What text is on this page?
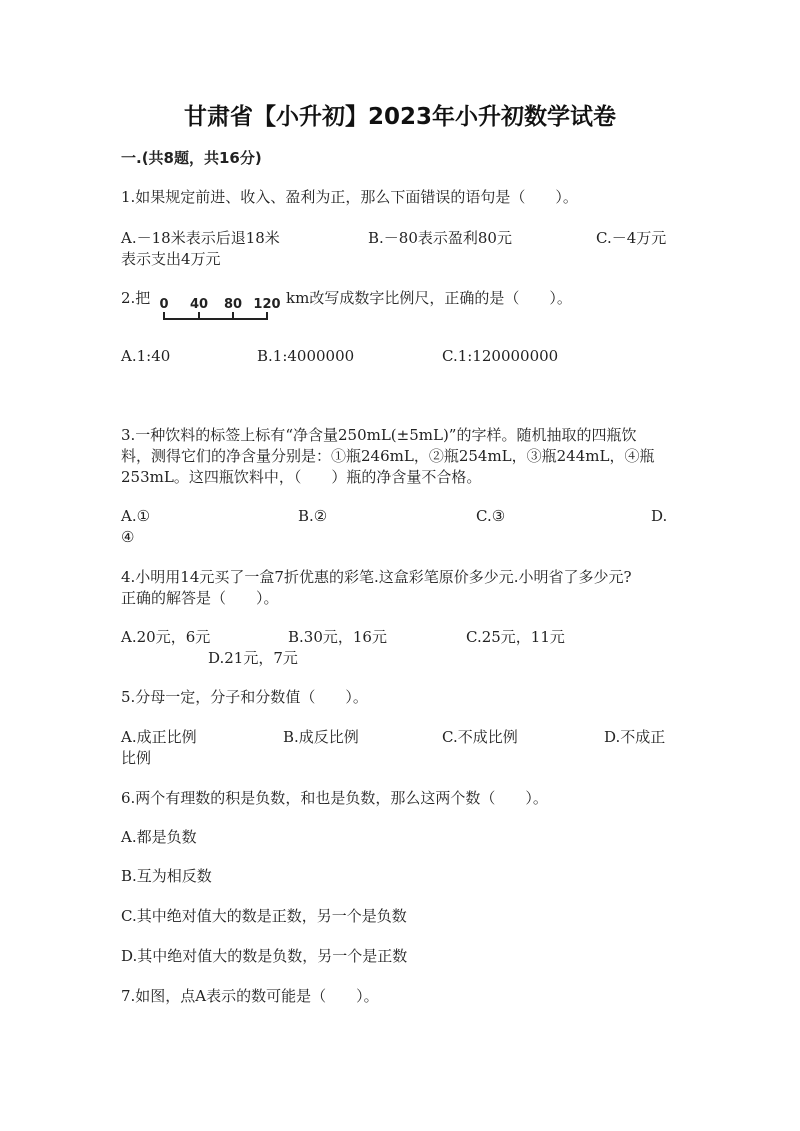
甘肃省【小升初】2023年小升初数学试卷
一.(共8题，共16分)
1.如果规定前进、收入、盈利为正，那么下面错误的语句是（　　）。
A.－18米表示后退18米	B.－80表示盈利80元	C.－4万元
表示支出4万元
2.把 0 40 80 120 km改写成数字比例尺，正确的是（　　）。
A.1:40	B.1:4000000	C.1:120000000
3.一种饮料的标签上标有“净含量250mL(±5mL)”的字样。随机抽取的四瓶饮
料，测得它们的净含量分别是：①瓶246mL，②瓶254mL，③瓶244mL，④瓶
253mL。这四瓶饮料中，（　　）瓶的净含量不合格。
A.①	B.②	C.③	D.
④
4.小明用14元买了一盒7折优惠的彩笔.这盒彩笔原价多少元.小明省了多少元?
正确的解答是（　　）。
A.20元，6元	B.30元，16元	C.25元，11元
D.21元，7元
5.分母一定，分子和分数值（　　）。
A.成正比例	B.成反比例	C.不成比例	D.不成正
比例
6.两个有理数的积是负数，和也是负数，那么这两个数（　　）。
A.都是负数
B.互为相反数
C.其中绝对值大的数是正数，另一个是负数
D.其中绝对值大的数是负数，另一个是正数
7.如图，点A表示的数可能是（　　）。
